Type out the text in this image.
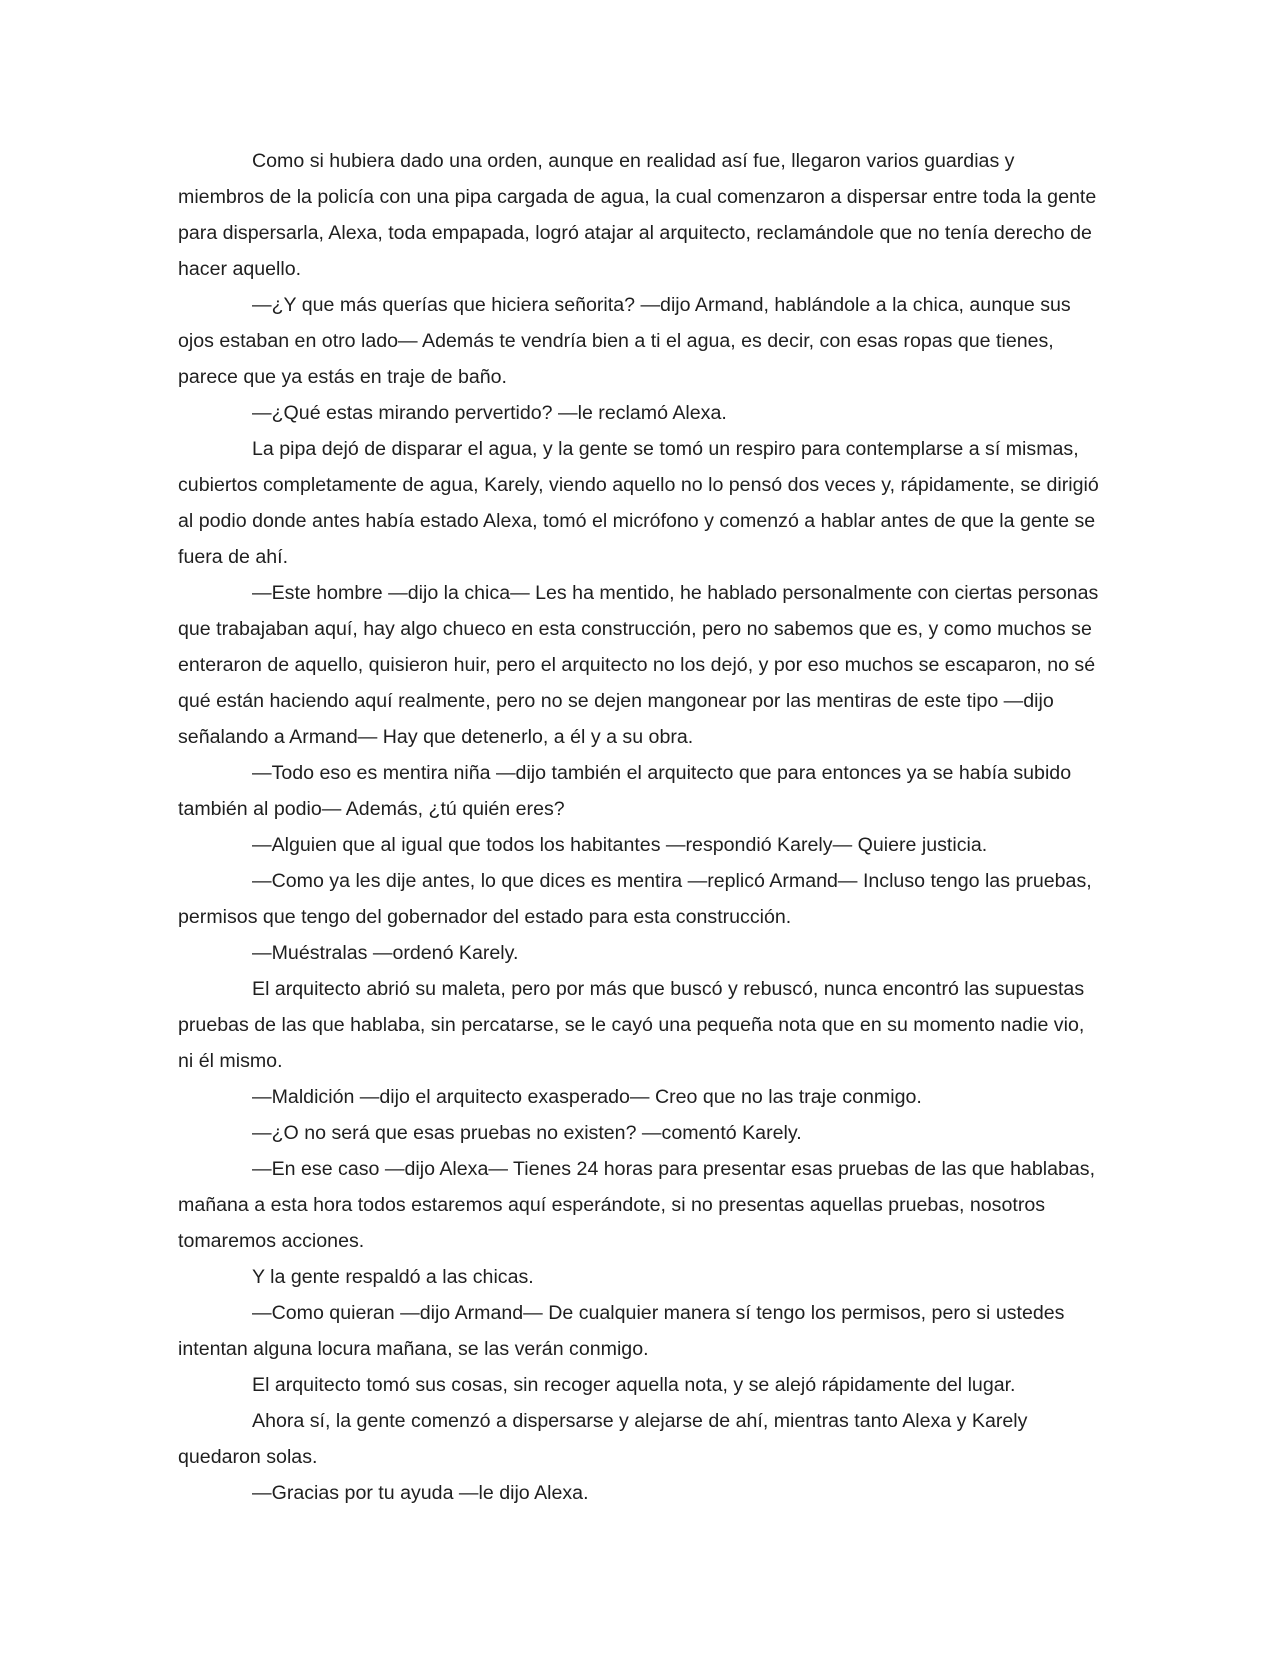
Como si hubiera dado una orden, aunque en realidad así fue, llegaron varios guardias y miembros de la policía con una pipa cargada de agua, la cual comenzaron a dispersar entre toda la gente para dispersarla, Alexa, toda empapada, logró atajar al arquitecto, reclamándole que no tenía derecho de hacer aquello.

—¿Y que más querías que hiciera señorita? —dijo Armand, hablándole a la chica, aunque sus ojos estaban en otro lado— Además te vendría bien a ti el agua, es decir, con esas ropas que tienes, parece que ya estás en traje de baño.

—¿Qué estas mirando pervertido? —le reclamó Alexa.

La pipa dejó de disparar el agua, y la gente se tomó un respiro para contemplarse a sí mismas, cubiertos completamente de agua, Karely, viendo aquello no lo pensó dos veces y, rápidamente, se dirigió al podio donde antes había estado Alexa, tomó el micrófono y comenzó a hablar antes de que la gente se fuera de ahí.

—Este hombre —dijo la chica— Les ha mentido, he hablado personalmente con ciertas personas que trabajaban aquí, hay algo chueco en esta construcción, pero no sabemos que es, y como muchos se enteraron de aquello, quisieron huir, pero el arquitecto no los dejó, y por eso muchos se escaparon, no sé qué están haciendo aquí realmente, pero no se dejen mangonear por las mentiras de este tipo —dijo señalando a Armand— Hay que detenerlo, a él y a su obra.

—Todo eso es mentira niña —dijo también el arquitecto que para entonces ya se había subido también al podio— Además, ¿tú quién eres?

—Alguien que al igual que todos los habitantes —respondió Karely— Quiere justicia.

—Como ya les dije antes, lo que dices es mentira —replicó Armand— Incluso tengo las pruebas, permisos que tengo del gobernador del estado para esta construcción.

—Muéstralas —ordenó Karely.

El arquitecto abrió su maleta, pero por más que buscó y rebuscó, nunca encontró las supuestas pruebas de las que hablaba, sin percatarse, se le cayó una pequeña nota que en su momento nadie vio, ni él mismo.

—Maldición —dijo el arquitecto exasperado— Creo que no las traje conmigo.

—¿O no será que esas pruebas no existen? —comentó Karely.

—En ese caso —dijo Alexa— Tienes 24 horas para presentar esas pruebas de las que hablabas, mañana a esta hora todos estaremos aquí esperándote, si no presentas aquellas pruebas, nosotros tomaremos acciones.

Y la gente respaldó a las chicas.

—Como quieran —dijo Armand— De cualquier manera sí tengo los permisos, pero si ustedes intentan alguna locura mañana, se las verán conmigo.

El arquitecto tomó sus cosas, sin recoger aquella nota, y se alejó rápidamente del lugar.

Ahora sí, la gente comenzó a dispersarse y alejarse de ahí, mientras tanto Alexa y Karely quedaron solas.

—Gracias por tu ayuda —le dijo Alexa.
